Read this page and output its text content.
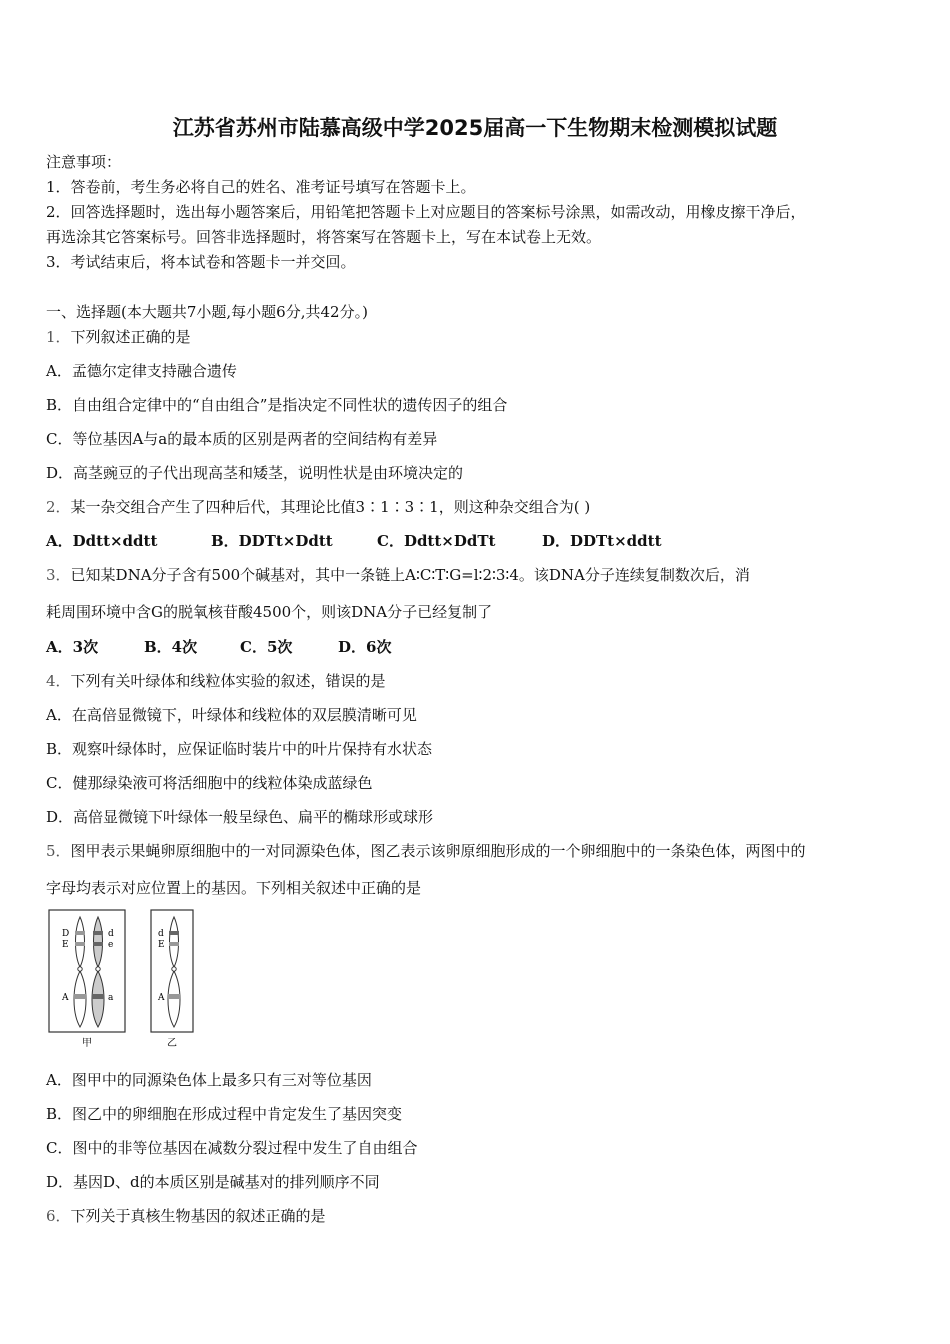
江苏省苏州市陆慕高级中学2025届高一下生物期末检测模拟试题
注意事项：
1．答卷前，考生务必将自己的姓名、准考证号填写在答题卡上。
2．回答选择题时，选出每小题答案后，用铅笔把答题卡上对应题目的答案标号涂黑，如需改动，用橡皮擦干净后，
再选涂其它答案标号。回答非选择题时，将答案写在答题卡上，写在本试卷上无效。
3．考试结束后，将本试卷和答题卡一并交回。
一、选择题(本大题共7小题,每小题6分,共42分。)
1．下列叙述正确的是
A．孟德尔定律支持融合遗传
B．自由组合定律中的“自由组合”是指决定不同性状的遗传因子的组合
C．等位基因A与a的最本质的区别是两者的空间结构有差异
D．高茎豌豆的子代出现高茎和矮茎，说明性状是由环境决定的
2．某一杂交组合产生了四种后代，其理论比值3∶1∶3∶1，则这种杂交组合为( )
A．Ddtt×ddtt	B．DDTt×Ddtt	C．Ddtt×DdTt	D．DDTt×ddtt
3．已知某DNA分子含有500个碱基对，其中一条链上A∶C∶T∶G=l∶2∶3∶4。该DNA分子连续复制数次后，消
耗周围环境中含G的脱氧核苷酸4500个，则该DNA分子已经复制了
A．3次	B．4次	C．5次	D．6次
4．下列有关叶绿体和线粒体实验的叙述，错误的是
A．在高倍显微镜下，叶绿体和线粒体的双层膜清晰可见
B．观察叶绿体时，应保证临时装片中的叶片保持有水状态
C．健那绿染液可将活细胞中的线粒体染成蓝绿色
D．高倍显微镜下叶绿体一般呈绿色、扁平的椭球形或球形
5．图甲表示果蝇卵原细胞中的一对同源染色体，图乙表示该卵原细胞形成的一个卵细胞中的一条染色体，两图中的
字母均表示对应位置上的基因。下列相关叙述中正确的是
D
E
A
d
e
a
d
E
A
甲	乙
A．图甲中的同源染色体上最多只有三对等位基因
B．图乙中的卵细胞在形成过程中肯定发生了基因突变
C．图中的非等位基因在减数分裂过程中发生了自由组合
D．基因D、d的本质区别是碱基对的排列顺序不同
6．下列关于真核生物基因的叙述正确的是
